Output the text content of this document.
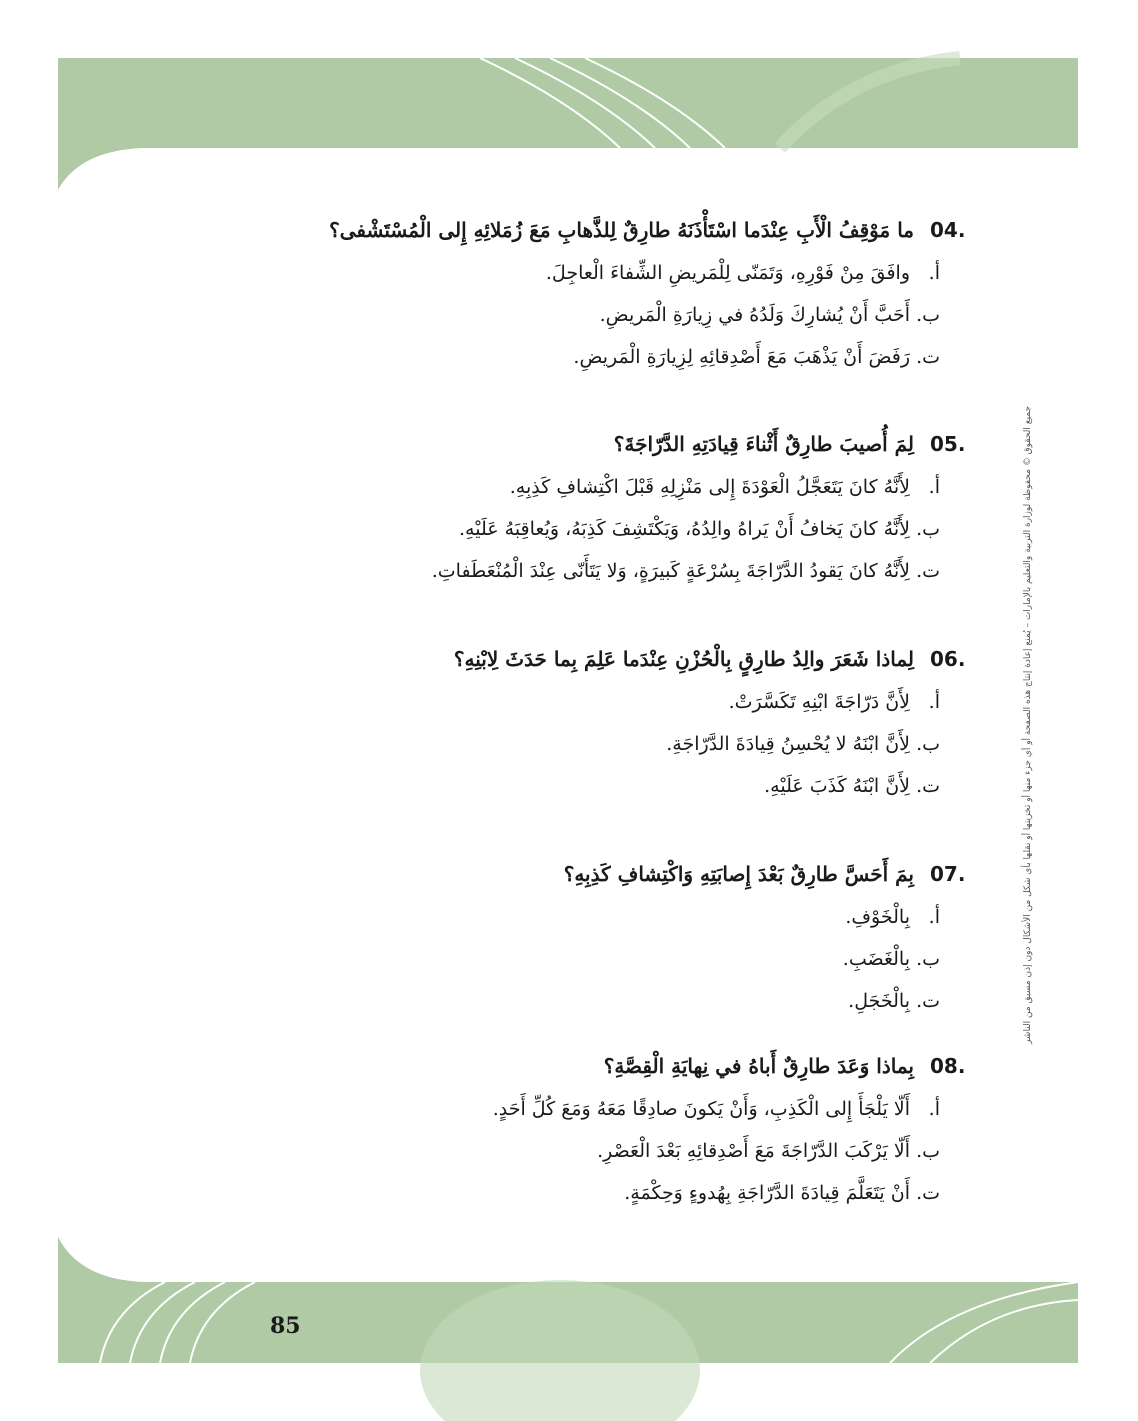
04.
ما مَوْقِفُ الْأَبِ عِنْدَما اسْتَأْذَنَهُ طارِقٌ لِلذَّهابِ مَعَ زُمَلائِهِ إِلى الْمُسْتَشْفى؟
أ.
وافَقَ مِنْ فَوْرِهِ، وَتَمَنّى لِلْمَريضِ الشِّفاءَ الْعاجِلَ.
ب.
أَحَبَّ أَنْ يُشارِكَ وَلَدُهُ في زِيارَةِ الْمَريضِ.
ت.
رَفَضَ أَنْ يَذْهَبَ مَعَ أَصْدِقائِهِ لِزِيارَةِ الْمَريضِ.
05.
لِمَ أُصيبَ طارِقٌ أَثْناءَ قِيادَتِهِ الدَّرّاجَةَ؟
أ.
لِأَنَّهُ كانَ يَتَعَجَّلُ الْعَوْدَةَ إِلى مَنْزِلِهِ قَبْلَ اكْتِشافِ كَذِبِهِ.
ب.
لِأَنَّهُ كانَ يَخافُ أَنْ يَراهُ والِدُهُ، وَيَكْتَشِفَ كَذِبَهُ، وَيُعاقِبَهُ عَلَيْهِ.
ت.
لِأَنَّهُ كانَ يَقودُ الدَّرّاجَةَ بِسُرْعَةٍ كَبيرَةٍ، وَلا يَتَأَنّى عِنْدَ الْمُنْعَطَفاتِ.
06.
لِماذا شَعَرَ والِدُ طارِقٍ بِالْحُزْنِ عِنْدَما عَلِمَ بِما حَدَثَ لِابْنِهِ؟
أ.
لِأَنَّ دَرّاجَةَ ابْنِهِ تَكَسَّرَتْ.
ب.
لِأَنَّ ابْنَهُ لا يُحْسِنُ قِيادَةَ الدَّرّاجَةِ.
ت.
لِأَنَّ ابْنَهُ كَذَبَ عَلَيْهِ.
07.
بِمَ أَحَسَّ طارِقٌ بَعْدَ إِصابَتِهِ وَاكْتِشافِ كَذِبِهِ؟
أ.
بِالْخَوْفِ.
ب.
بِالْغَضَبِ.
ت.
بِالْخَجَلِ.
08.
بِماذا وَعَدَ طارِقٌ أَباهُ في نِهايَةِ الْقِصَّةِ؟
أ.
أَلّا يَلْجَأَ إِلى الْكَذِبِ، وَأَنْ يَكونَ صادِقًا مَعَهُ وَمَعَ كُلِّ أَحَدٍ.
ب.
أَلّا يَرْكَبَ الدَّرّاجَةَ مَعَ أَصْدِقائِهِ بَعْدَ الْعَصْرِ.
ت.
أَنْ يَتَعَلَّمَ قِيادَةَ الدَّرّاجَةِ بِهُدوءٍ وَحِكْمَةٍ.
جميع الحقوق © محفوظة لوزارة التربية والتعليم بالإمارات – يُمنع إعادة إنتاج هذه الصفحة أو أي جزء منها أو تخزينها أو نقلها بأي شكل من الأشكال دون إذن مسبق من الناشر
85
